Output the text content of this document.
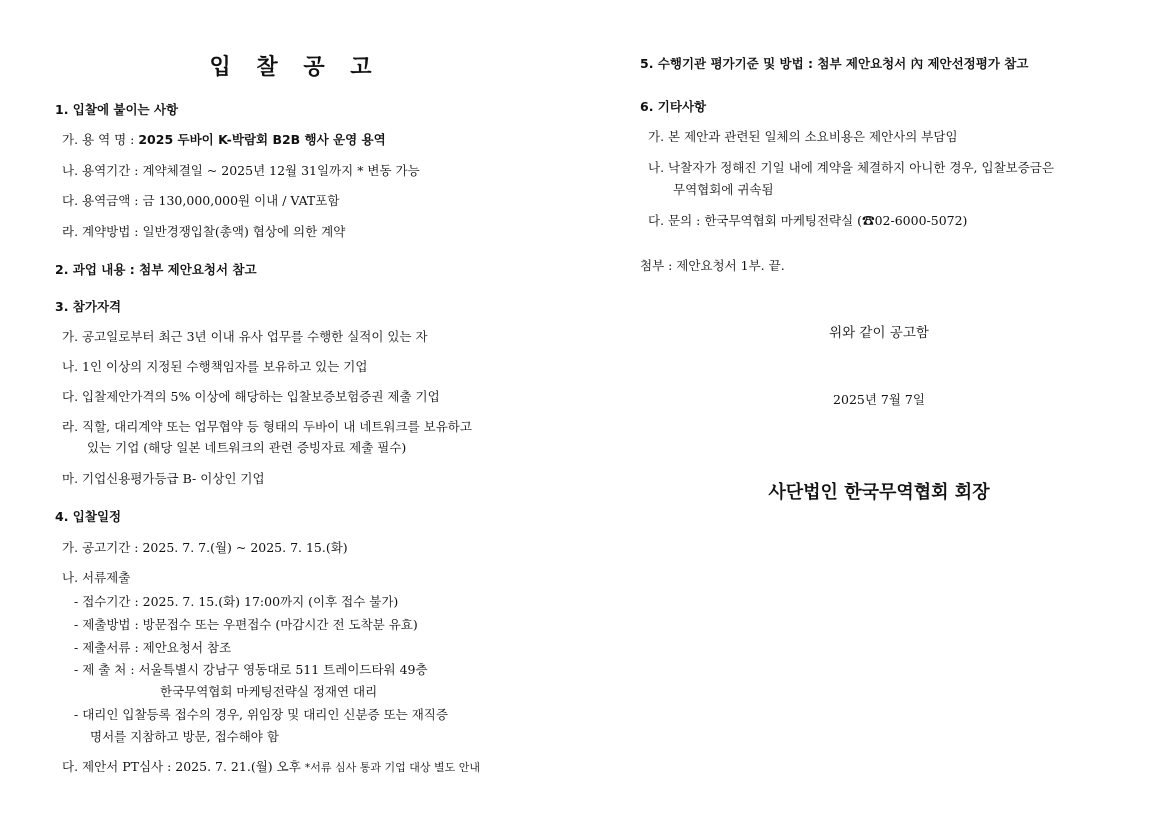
입 찰 공 고
1. 입찰에 붙이는 사항
가. 용 역 명 : 2025 두바이 K-박람회 B2B 행사 운영 용역
나. 용역기간 : 계약체결일 ~ 2025년 12월 31일까지 * 변동 가능
다. 용역금액 : 금 130,000,000원 이내 / VAT포함
라. 계약방법 : 일반경쟁입찰(총액) 협상에 의한 계약
2. 과업 내용 : 첨부 제안요청서 참고
3. 참가자격
가. 공고일로부터 최근 3년 이내 유사 업무를 수행한 실적이 있는 자
나. 1인 이상의 지정된 수행책임자를 보유하고 있는 기업
다. 입찰제안가격의 5% 이상에 해당하는 입찰보증보험증권 제출 기업
라. 직할, 대리계약 또는 업무협약 등 형태의 두바이 내 네트워크를 보유하고
있는 기업 (해당 일본 네트워크의 관련 증빙자료 제출 필수)
마. 기업신용평가등급 B- 이상인 기업
4. 입찰일정
가. 공고기간 : 2025. 7. 7.(월) ~ 2025. 7. 15.(화)
나. 서류제출
- 접수기간 : 2025. 7. 15.(화) 17:00까지 (이후 접수 불가)
- 제출방법 : 방문접수 또는 우편접수 (마감시간 전 도착분 유효)
- 제출서류 : 제안요청서 참조
- 제 출 처 : 서울특별시 강남구 영동대로 511 트레이드타워 49층
한국무역협회 마케팅전략실 정재연 대리
- 대리인 입찰등록 접수의 경우, 위임장 및 대리인 신분증 또는 재직증
명서를 지참하고 방문, 접수해야 함
다. 제안서 PT심사 : 2025. 7. 21.(월) 오후 *서류 심사 통과 기업 대상 별도 안내
5. 수행기관 평가기준 및 방법 : 첨부 제안요청서 內 제안선정평가 참고
6. 기타사항
가. 본 제안과 관련된 일체의 소요비용은 제안사의 부담임
나. 낙찰자가 정해진 기일 내에 계약을 체결하지 아니한 경우, 입찰보증금은
무역협회에 귀속됨
다. 문의 : 한국무역협회 마케팅전략실 (☎02-6000-5072)
첨부 : 제안요청서 1부. 끝.
위와 같이 공고함
2025년 7월 7일
사단법인 한국무역협회 회장
